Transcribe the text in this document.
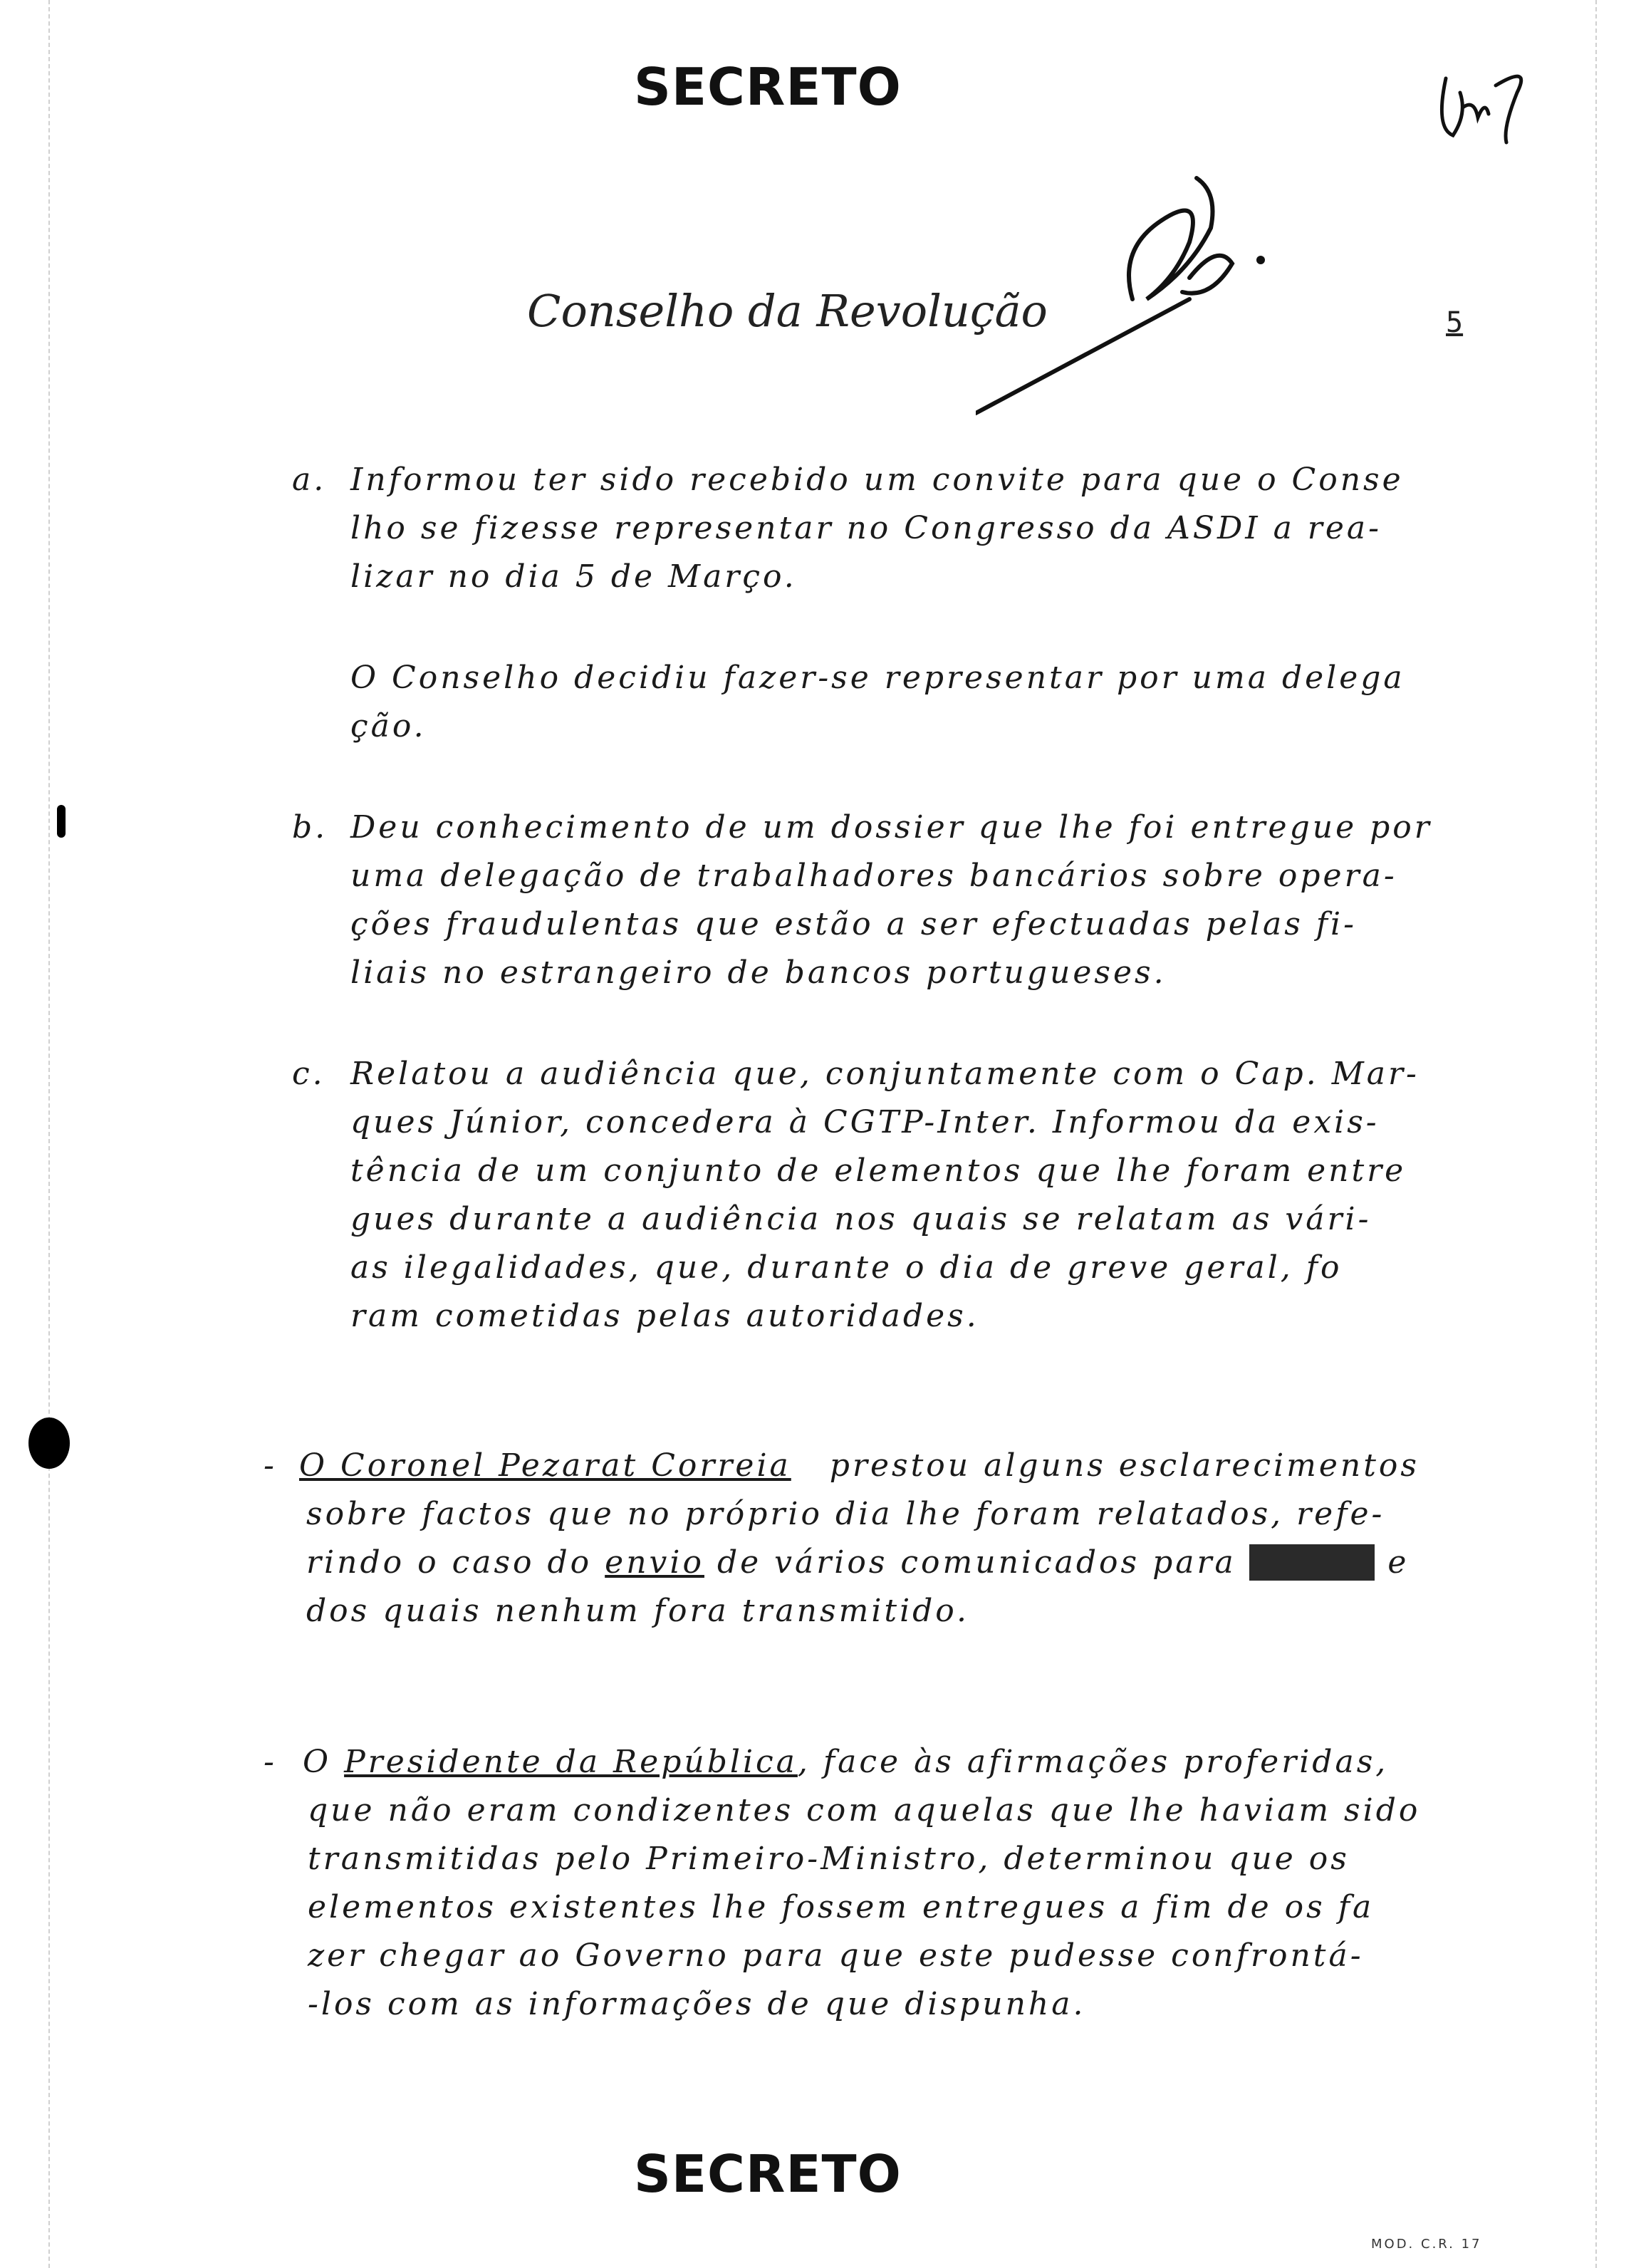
SECRETO
Conselho da Revolução	5
a. Informou ter sido recebido um convite para que o Conse
lho se fizesse representar no Congresso da ASDI a rea-
lizar no dia 5 de Março.
O Conselho decidiu fazer-se representar por uma delega
ção.
b. Deu conhecimento de um dossier que lhe foi entregue por
uma delegação de trabalhadores bancários sobre opera-
ções fraudulentas que estão a ser efectuadas pelas fi-
liais no estrangeiro de bancos portugueses.
c. Relatou a audiência que, conjuntamente com o Cap. Mar-
ques Júnior, concedera à CGTP-Inter. Informou da exis-
tência de um conjunto de elementos que lhe foram entre
gues durante a audiência nos quais se relatam as vári-
as ilegalidades, que, durante o dia de greve geral, fo
ram cometidas pelas autoridades.
- O Coronel Pezarat Correia prestou alguns esclarecimentos
sobre factos que no próprio dia lhe foram relatados, refe-
rindo o caso do envio de vários comunicados para	e
dos quais nenhum fora transmitido.
- O Presidente da República, face às afirmações proferidas,
que não eram condizentes com aquelas que lhe haviam sido
transmitidas pelo Primeiro-Ministro, determinou que os
elementos existentes lhe fossem entregues a fim de os fa
zer chegar ao Governo para que este pudesse confrontá-
-los com as informações de que dispunha.
SECRETO
MOD. C.R. 17
